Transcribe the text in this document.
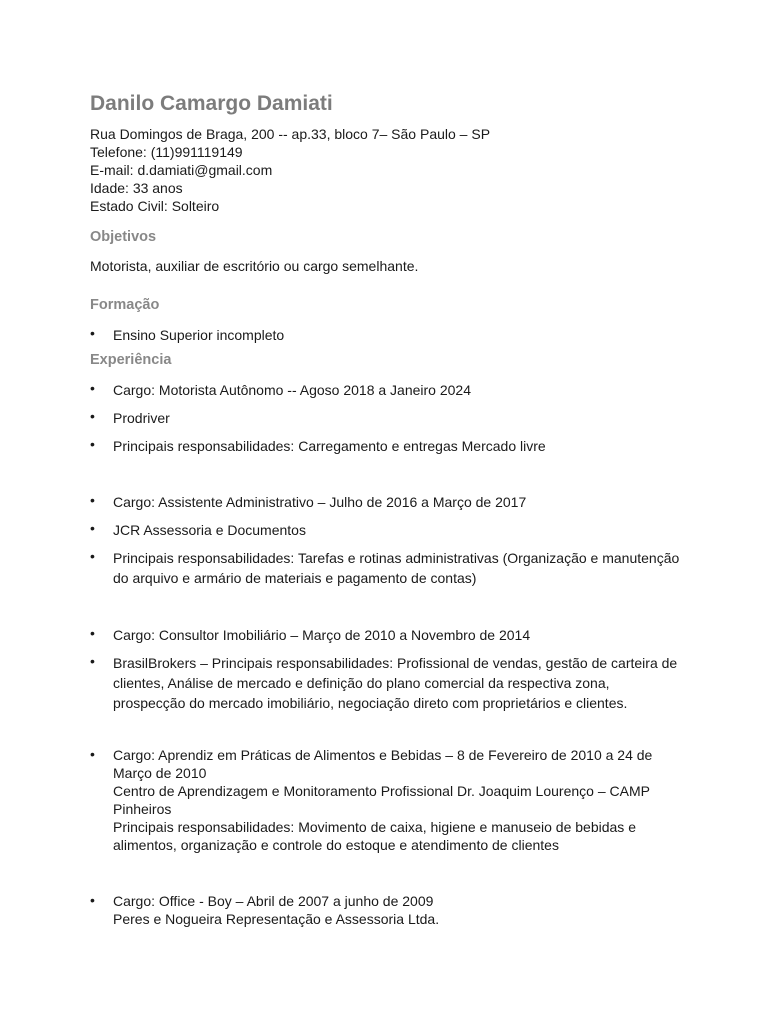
Danilo Camargo Damiati
Rua Domingos de Braga, 200 -- ap.33, bloco 7– São Paulo – SP
Telefone: (11)991119149
E-mail: d.damiati@gmail.com
Idade: 33 anos
Estado Civil: Solteiro
Objetivos
Motorista, auxiliar de escritório ou cargo semelhante.
Formação
•	Ensino Superior incompleto
Experiência
•	Cargo: Motorista Autônomo -- Agoso 2018 a Janeiro 2024
•	Prodriver
•	Principais responsabilidades: Carregamento e entregas Mercado livre
•	Cargo: Assistente Administrativo – Julho de 2016 a Março de 2017
•	JCR Assessoria e Documentos
•	Principais responsabilidades: Tarefas e rotinas administrativas (Organização e manutenção do arquivo e armário de materiais e pagamento de contas)
•	Cargo: Consultor Imobiliário – Março de 2010 a Novembro de 2014
•	BrasilBrokers – Principais responsabilidades: Profissional de vendas, gestão de carteira de clientes, Análise de mercado e definição do plano comercial da respectiva zona, prospecção do mercado imobiliário, negociação direto com proprietários e clientes.
•	Cargo: Aprendiz em Práticas de Alimentos e Bebidas – 8 de Fevereiro de 2010 a 24 de Março de 2010
Centro de Aprendizagem e Monitoramento Profissional Dr. Joaquim Lourenço – CAMP Pinheiros
Principais responsabilidades: Movimento de caixa, higiene e manuseio de bebidas e alimentos, organização e controle do estoque e atendimento de clientes
•	Cargo: Office - Boy – Abril de 2007 a junho de 2009
Peres e Nogueira Representação e Assessoria Ltda.
